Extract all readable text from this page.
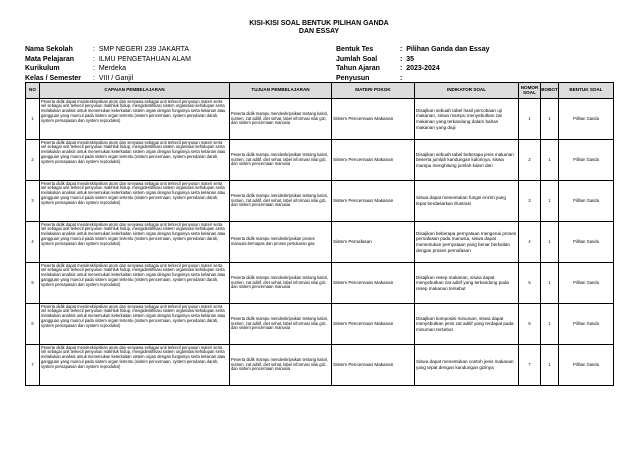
KISI-KISI SOAL BENTUK PILIHAN GANDA
DAN ESSAY
Nama Sekolah	: SMP NEGERI 239 JAKARTA
Mata Pelajaran	: ILMU PENGETAHUAN ALAM
Kurikulum	: Merdeka
Kelas / Semester : VIII / Ganjil
Bentuk Tes	: Pilihan Ganda dan Essay
Jumlah Soal	: 35
Tahun Ajaran	: 2023-2024
Penyusun	:
NO	CAPAIAN PEMBELAJARAN	TUJUAN PEMBELAJARAN	MATERI POKOK	INDIKATOR SOAL	NOMOR SOAL	BOBOT	BENTUK SOAL
1	Peserta didik dapat mendeskripsikan atom dan senyawa sebagai unit terkecil penyusun materi serta sel sebagai unit terkecil penyusun makhluk hidup, mengidentifikasi sistem organisasi kehidupan serta melakukan analisis untuk menemukan keterkaitan sistem organ dengan fungsinya serta kelainan atau gangguan yang muncul pada sistem organ tertentu (sistem pencernaan, system peredaran darah, system pernapasan dan system reproduksi)	Peserta didik mampu mendeskripsikan tentang kalori, nutrien, zat aditif, diet sehat, label informasi nilai gizi, dan sistem pencernaan manusia	Sistem Pencernaan Makanan	Disajikan sebuah tabel hasil percobaan uji makanan, siswa mampu menyebutkan zat makanan yang terkandung dalam bahan makanan yang diuji	1	1	Pilihan Ganda
2	Peserta didik dapat mendeskripsikan atom dan senyawa sebagai unit terkecil penyusun materi serta sel sebagai unit terkecil penyusun makhluk hidup, mengidentifikasi sistem organisasi kehidupan serta melakukan analisis untuk menemukan keterkaitan sistem organ dengan fungsinya serta kelainan atau gangguan yang muncul pada sistem organ tertentu (sistem pencernaan, system peredaran darah, system pernapasan dan system reproduksi)	Peserta didik mampu mendeskripsikan tentang kalori, nutrien, zat aditif, diet sehat, label informasi nilai gizi, dan sistem pencernaan manusia	Sistem Pencernaan Makanan	Disajikan sebuah tabel beberapa jenis makanan beserta jumlah kandungan kalorinya, siswa mampu menghitung jumlah kalori dari	2	1	Pilihan Ganda
3	Peserta didik dapat mendeskripsikan atom dan senyawa sebagai unit terkecil penyusun materi serta sel sebagai unit terkecil penyusun makhluk hidup, mengidentifikasi sistem organisasi kehidupan serta melakukan analisis untuk menemukan keterkaitan sistem organ dengan fungsinya serta kelainan atau gangguan yang muncul pada sistem organ tertentu (sistem pencernaan, system peredaran darah, system pernapasan dan system reproduksi)	Peserta didik mampu mendeskripsikan tentang kalori, nutrien, zat aditif, diet sehat, label informasi nilai gizi, dan sistem pencernaan manusia	Sistem Pencernaan Makanan	Siswa dapat menentukan fungsi enzim yang tepat berdasarkan illustrasi	3	1	Pilihan Ganda
4	Peserta didik dapat mendeskripsikan atom dan senyawa sebagai unit terkecil penyusun materi serta sel sebagai unit terkecil penyusun makhluk hidup, mengidentifikasi sistem organisasi kehidupan serta melakukan analisis untuk menemukan keterkaitan sistem organ dengan fungsinya serta kelainan atau gangguan yang muncul pada sistem organ tertentu (sistem pencernaan, system peredaran darah, system pernapasan dan system reproduksi)	Peserta didik mampu mendeskripsikan proses manusia bernapas dan proses pertukaran gas	Sistem Pernafasan	Disajikan beberapa pernyataan mengenai proses pernafasan pada manusia, siswa dapat menentukan pernyataan yang benar berkaitan dengan proses pernafasan	4	1	Pilihan Ganda
5	Peserta didik dapat mendeskripsikan atom dan senyawa sebagai unit terkecil penyusun materi serta sel sebagai unit terkecil penyusun makhluk hidup, mengidentifikasi sistem organisasi kehidupan serta melakukan analisis untuk menemukan keterkaitan sistem organ dengan fungsinya serta kelainan atau gangguan yang muncul pada sistem organ tertentu (sistem pencernaan, system peredaran darah, system pernapasan dan system reproduksi)	Peserta didik mampu mendeskripsikan tentang kalori, nutrien, zat aditif, diet sehat, label informasi nilai gizi, dan sistem pencernaan manusia	Sistem Pencernaan Makanan	Disajikan resep makanan, siswa dapat menyebutkan zat aditif yang terkandung pada resep makanan tersebut	5	1	Pilihan Ganda
6	Peserta didik dapat mendeskripsikan atom dan senyawa sebagai unit terkecil penyusun materi serta sel sebagai unit terkecil penyusun makhluk hidup, mengidentifikasi sistem organisasi kehidupan serta melakukan analisis untuk menemukan keterkaitan sistem organ dengan fungsinya serta kelainan atau gangguan yang muncul pada sistem organ tertentu (sistem pencernaan, system peredaran darah, system pernapasan dan system reproduksi)	Peserta didik mampu mendeskripsikan tentang kalori, nutrien, zat aditif, diet sehat, label informasi nilai gizi, dan sistem pencernaan manusia	Sistem Pencernaan Makanan	Disajikan komposisi minuman, siswa dapat menyebutkan jenis zat aditif yang terdapat pada minuman tersebut	6	1	Pilihan Ganda
7	Peserta didik dapat mendeskripsikan atom dan senyawa sebagai unit terkecil penyusun materi serta sel sebagai unit terkecil penyusun makhluk hidup, mengidentifikasi sistem organisasi kehidupan serta melakukan analisis untuk menemukan keterkaitan sistem organ dengan fungsinya serta kelainan atau gangguan yang muncul pada sistem organ tertentu (sistem pencernaan, system peredaran darah, system pernapasan dan system reproduksi)	Peserta didik mampu mendeskripsikan tentang kalori, nutrien, zat aditif, diet sehat, label informasi nilai gizi, dan sistem pencernaan manusia	Sistem Pencernaan Makanan	Siswa dapat menentukan contoh jenis makanan yang tepat dengan kandungan gizinya	7	1	Pilihan Ganda
